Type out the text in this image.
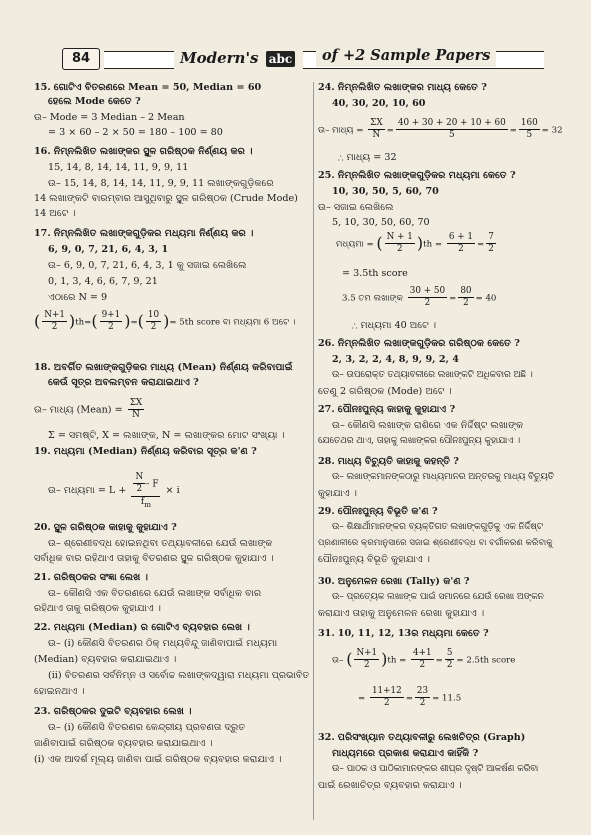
84	Modern's abc	of +2 Sample Papers
15. ଗୋଟିଏ ବିତରଣରେ Mean = 50, Median = 60
ହେଲେ Mode କେତେ ?
ଉ– Mode = 3 Median – 2 Mean
= 3 × 60 – 2 × 50 = 180 – 100 = 80
16. ନିମ୍ନଲିଖିତ ଲଖାଙ୍କର ସ୍ଥୂଳ ଗରିଷ୍ଠକ ନିର୍ଣ୍ଣୟ କର ।
15, 14, 8, 14, 14, 11, 9, 9, 11
ଉ– 15, 14, 8, 14, 14, 11, 9, 9, 11 ଲଖାଙ୍କଗୁଡ଼ିକରେ
14 ଲଖାଙ୍କଟି ବାରମ୍ବାର ଆସୁଥିବାରୁ ସ୍ଥୂଳ ଗରିଷ୍ଠକ (Crude Mode)
14 ଅଟେ ।
17. ନିମ୍ନଲିଖିତ ଲଖାଙ୍କଗୁଡ଼ିକର ମଧ୍ୟମା ନିର୍ଣ୍ଣୟ କର ।
6, 9, 0, 7, 21, 6, 4, 3, 1
ଉ– 6, 9, 0, 7, 21, 6, 4, 3, 1 କୁ ସଜାଇ ଲେଖିଲେ
0, 1, 3, 4, 6, 6, 7, 9, 21
ଏଠାରେ N = 9
( $\frac{N+1}{2} )th=( \frac{9+1}{2}$ )=( $\frac{10}{2}$ )= 5th score ବା ମଧ୍ୟମା 6 ଅଟେ ।
18. ଅବର୍ଗିତ ଲଖାଙ୍କଗୁଡ଼ିକର ମାଧ୍ୟ (Mean) ନିର୍ଣ୍ଣୟ କରିବାପାଇଁ
କେଉଁ ସୂତ୍ର ଅବଲମ୍ବନ କରାଯାଇଥାଏ ?
ଉ– ମାଧ୍ୟ (Mean) = $\frac{\Sigma X}{N}$
Σ = ସମଷ୍ଟି, X = ଲଖାଙ୍କ, N = ଲଖାଙ୍କର ମୋଟ ସଂଖ୍ୟା ।
19. ମଧ୍ୟମା (Median) ନିର୍ଣ୍ଣୟ କରିବାର ସୂତ୍ର କ'ଣ ?
ଉ– ମଧ୍ୟମା = $L + \frac{\frac{N}{2} - F}{f_m} \times i$
20. ସ୍ଥୂଳ ଗରିଷ୍ଠକ କାହାକୁ କୁହାଯାଏ ?
ଉ– ଶ୍ରେଣୀବଦ୍ଧ ହୋଇନଥିବା ତଥ୍ୟାବଳୀରେ ଯେଉଁ ଲଖାଙ୍କ
ସର୍ବାଧିକ ବାର ରହିଥାଏ ତାହାକୁ ବିତରଣର ସ୍ଥୂଳ ଗରିଷ୍ଠକ କୁହାଯାଏ ।
21. ଗରିଷ୍ଠକର ସଂଜ୍ଞା ଲେଖ ।
ଉ– କୌଣସି ଏକ ବିତରଣରେ ଯେଉଁ ଲଖାଙ୍କ ସର୍ବାଧିକ ବାର
ରହିଥାଏ ତାକୁ ଗରିଷ୍ଠକ କୁହାଯାଏ ।
22. ମଧ୍ୟମା (Median) ର ଗୋଟିଏ ବ୍ୟବହାର ଲେଖ ।
ଉ– (i) କୌଣସି ବିତରଣର ଠିକ୍ ମଧ୍ୟବିନ୍ଦୁ ଜାଣିବାପାଇଁ ମଧ୍ୟମା
(Median) ବ୍ୟବହାର କରାଯାଇଥାଏ ।
(ii) ବିତରଣର ସର୍ବନିମ୍ନ ଓ ସର୍ବୋଚ୍ଚ ଲଖାଙ୍କଦ୍ୱାରା ମଧ୍ୟମା ପ୍ରଭାବିତ
ହୋଇନଥାଏ ।
23. ଗରିଷ୍ଠକର ଦୁଇଟି ବ୍ୟବହାର ଲେଖ ।
ଉ– (i) କୌଣସି ବିତରଣର କେନ୍ଦ୍ରୀୟ ପ୍ରବଣତା ଦ୍ରୁତ
ଜାଣିବାପାଇଁ ଗରିଷ୍ଠକ ବ୍ୟବହାର କରାଯାଇଥାଏ ।
(i) ଏକ ଆଦର୍ଶ ମୂଲ୍ୟ ଜାଣିବା ପାଇଁ ଗରିଷ୍ଠକ ବ୍ୟବହାର କରାଯାଏ ।
24. ନିମ୍ନଲିଖିତ ଲଖାଙ୍କର ମାଧ୍ୟ କେତେ ?
40, 30, 20, 10, 60
ଉ– ମାଧ୍ୟ = $\frac{\Sigma X}{N} = \frac{40 + 30 + 20 + 10 + 60}{5} = \frac{160}{5} = 32$
∴ ମାଧ୍ୟ = 32
25. ନିମ୍ନଲିଖିତ ଲଖାଙ୍କଗୁଡ଼ିକର ମଧ୍ୟମା କେତେ ?
10, 30, 50, 5, 60, 70
ଉ– ସଜାଇ ଲେଖିଲେ
5, 10, 30, 50, 60, 70
ମଧ୍ୟମା = ( $\frac{N + 1}{2} )th = \frac{6 + 1}{2} = \frac{7}{2}$
= 3.5th score
3.5 ତମ ଲଖାଙ୍କ $\frac{30 + 50}{2} = \frac{80}{2} = 40$
∴ ମଧ୍ୟମା 40 ଅଟେ ।
26. ନିମ୍ନଲିଖିତ ଲଖାଙ୍କଗୁଡ଼ିକର ଗରିଷ୍ଠକ କେତେ ?
2, 3, 2, 2, 4, 8, 9, 9, 2, 4
ଉ– ଉପରୋକ୍ତ ତଥ୍ୟାବଳୀରେ ଲଖାଙ୍କଟି ଅଧିକବାର ଅଛି ।
ତେଣୁ 2 ଗରିଷ୍ଠକ (Mode) ଅଟେ ।
27. ପୌନଃପୁନ୍ୟ କାହାକୁ କୁହାଯାଏ ?
ଉ– କୌଣସି ଲଖାଙ୍କ ରାଶିରେ ଏକ ନିର୍ଦ୍ଦିଷ୍ଟ ଲଖାଙ୍କ
ଯେତେଥର ଥାଏ, ତାହାକୁ ଲଖାଙ୍କର ପୌନଃପୁନ୍ୟ କୁହାଯାଏ ।
28. ମାଧ୍ୟ ବିଚ୍ୟୁତି କାହାକୁ କହନ୍ତି ?
ଉ– ଲଖାଙ୍କମାନଙ୍କଠାରୁ ମାଧ୍ୟମାନର ଅନ୍ତରକୁ ମାଧ୍ୟ ବିଚ୍ୟୁତି
କୁହାଯାଏ ।
29. ପୌନଃପୁନ୍ୟ ବିଭୂତି କ'ଣ ?
ଉ– ଶିକ୍ଷାର୍ଥୀମାନଙ୍କର ବ୍ୟକ୍ତିଗତ ଲଖାଙ୍କଗୁଡ଼ିକୁ ଏକ ନିର୍ଦ୍ଦିଷ୍ଟ
ପ୍ରଣାଳୀରେ କ୍ରମାନୁସାରେ ସଜାଇ ଶ୍ରେଣୀବଦ୍ଧ ବା ବର୍ଗୀକରଣ କରିବାକୁ
ପୌନଃପୁନ୍ୟ ବିଭୂତି କୁହାଯାଏ ।
30. ଅନୁମେଳନ ରେଖା (Tally) କ'ଣ ?
ଉ– ପ୍ରତ୍ୟେକ ଲଖାଙ୍କ ପାଇଁ ସମାନରେ ଯେଉଁ ରେଖା ଅଙ୍କନ
କରାଯାଏ ତାହାକୁ ଅନୁମେଳନ ରେଖା କୁହାଯାଏ ।
31. 10, 11, 12, 13ର ମଧ୍ୟମା କେତେ ?
ଉ– ( $\frac{N+1}{2} )th = \frac{4+1}{2} = \frac{5}{2} = 2.5th$ score
= $\frac{11+12}{2} = \frac{23}{2} = 11.5$
32. ପରିସଂଖ୍ୟାନ ତଥ୍ୟାବଳୀରୁ ଲେଖଚିତ୍ର (Graph)
ମାଧ୍ୟମରେ ପ୍ରକାଶ କରାଯାଏ କାହିଁକି ?
ଉ– ପାଠକ ଓ ପାଠିକାମାନଙ୍କର ଶୀଘ୍ର ଦୃଷ୍ଟି ଆକର୍ଷଣ କରିବା
ପାଇଁ ରେଖାଚିତ୍ର ବ୍ୟବହାର କରାଯାଏ ।
